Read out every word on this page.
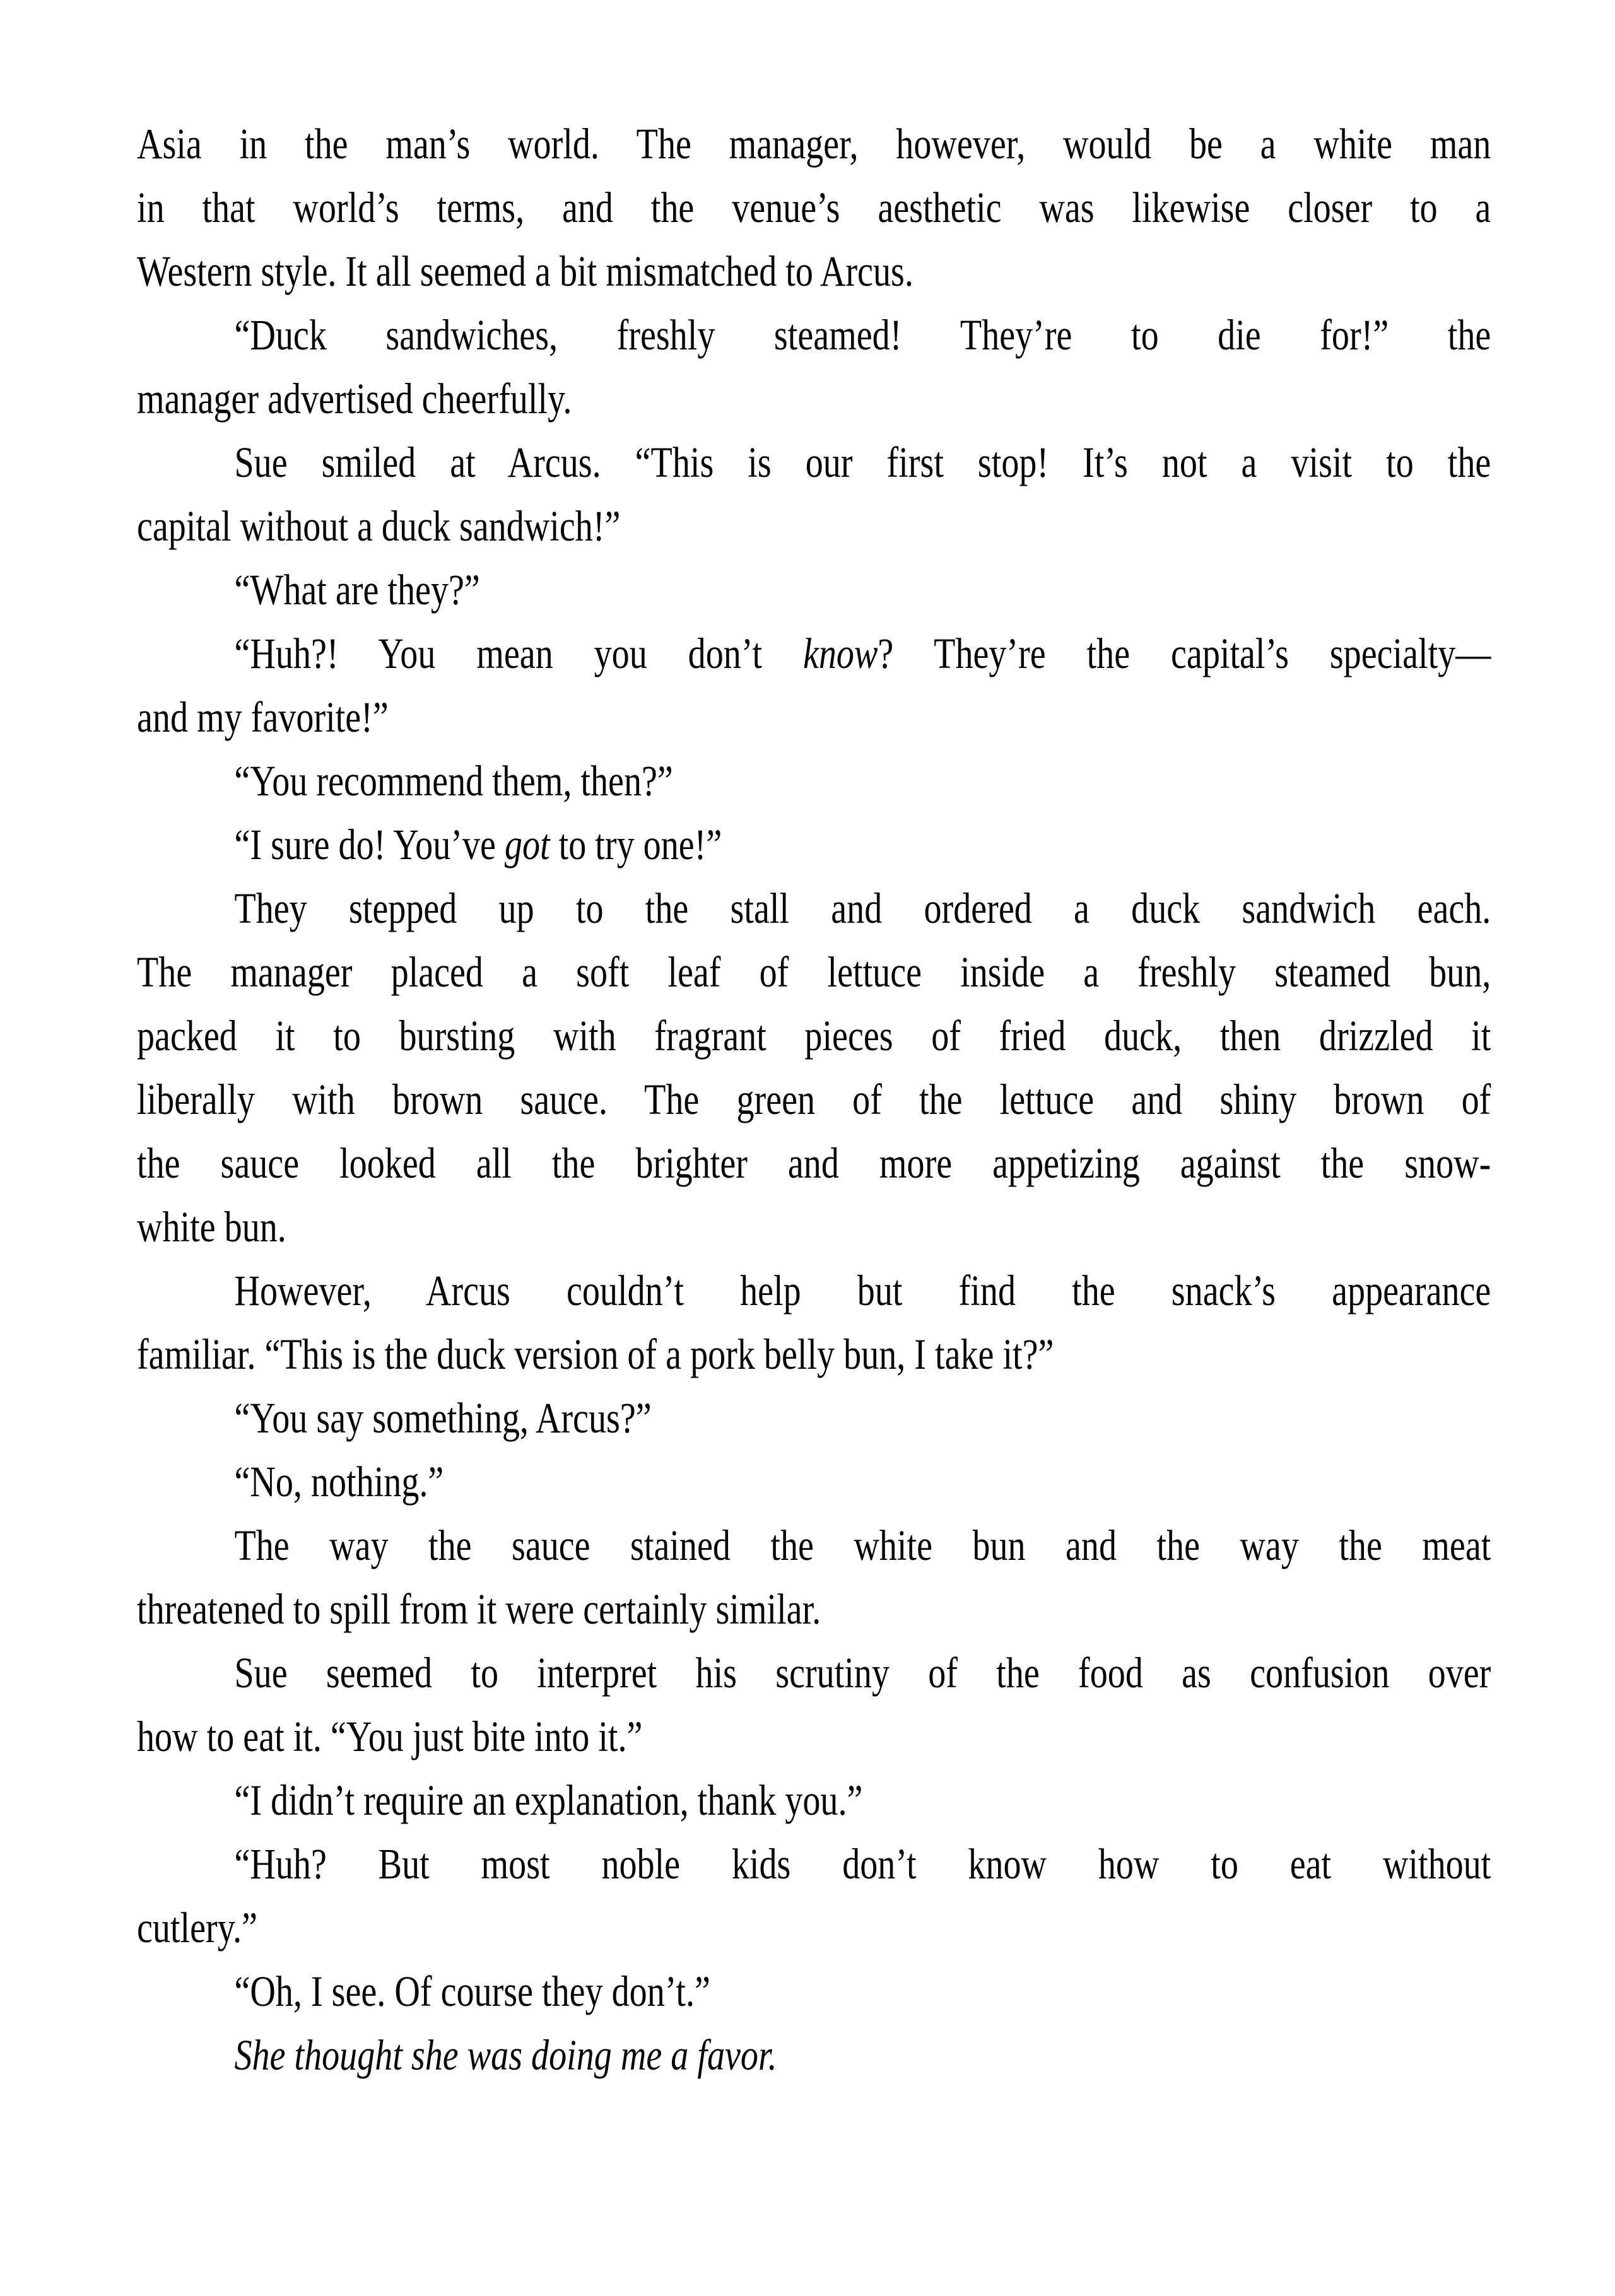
Asia in the man’s world. The manager, however, would be a white man
in that world’s terms, and the venue’s aesthetic was likewise closer to a
Western style. It all seemed a bit mismatched to Arcus.
“Duck sandwiches, freshly steamed! They’re to die for!” the
manager advertised cheerfully.
Sue smiled at Arcus. “This is our first stop! It’s not a visit to the
capital without a duck sandwich!”
“What are they?”
“Huh?! You mean you don’t know? They’re the capital’s specialty—
and my favorite!”
“You recommend them, then?”
“I sure do! You’ve got to try one!”
They stepped up to the stall and ordered a duck sandwich each.
The manager placed a soft leaf of lettuce inside a freshly steamed bun,
packed it to bursting with fragrant pieces of fried duck, then drizzled it
liberally with brown sauce. The green of the lettuce and shiny brown of
the sauce looked all the brighter and more appetizing against the snow-
white bun.
However, Arcus couldn’t help but find the snack’s appearance
familiar. “This is the duck version of a pork belly bun, I take it?”
“You say something, Arcus?”
“No, nothing.”
The way the sauce stained the white bun and the way the meat
threatened to spill from it were certainly similar.
Sue seemed to interpret his scrutiny of the food as confusion over
how to eat it. “You just bite into it.”
“I didn’t require an explanation, thank you.”
“Huh? But most noble kids don’t know how to eat without
cutlery.”
“Oh, I see. Of course they don’t.”
She thought she was doing me a favor.
